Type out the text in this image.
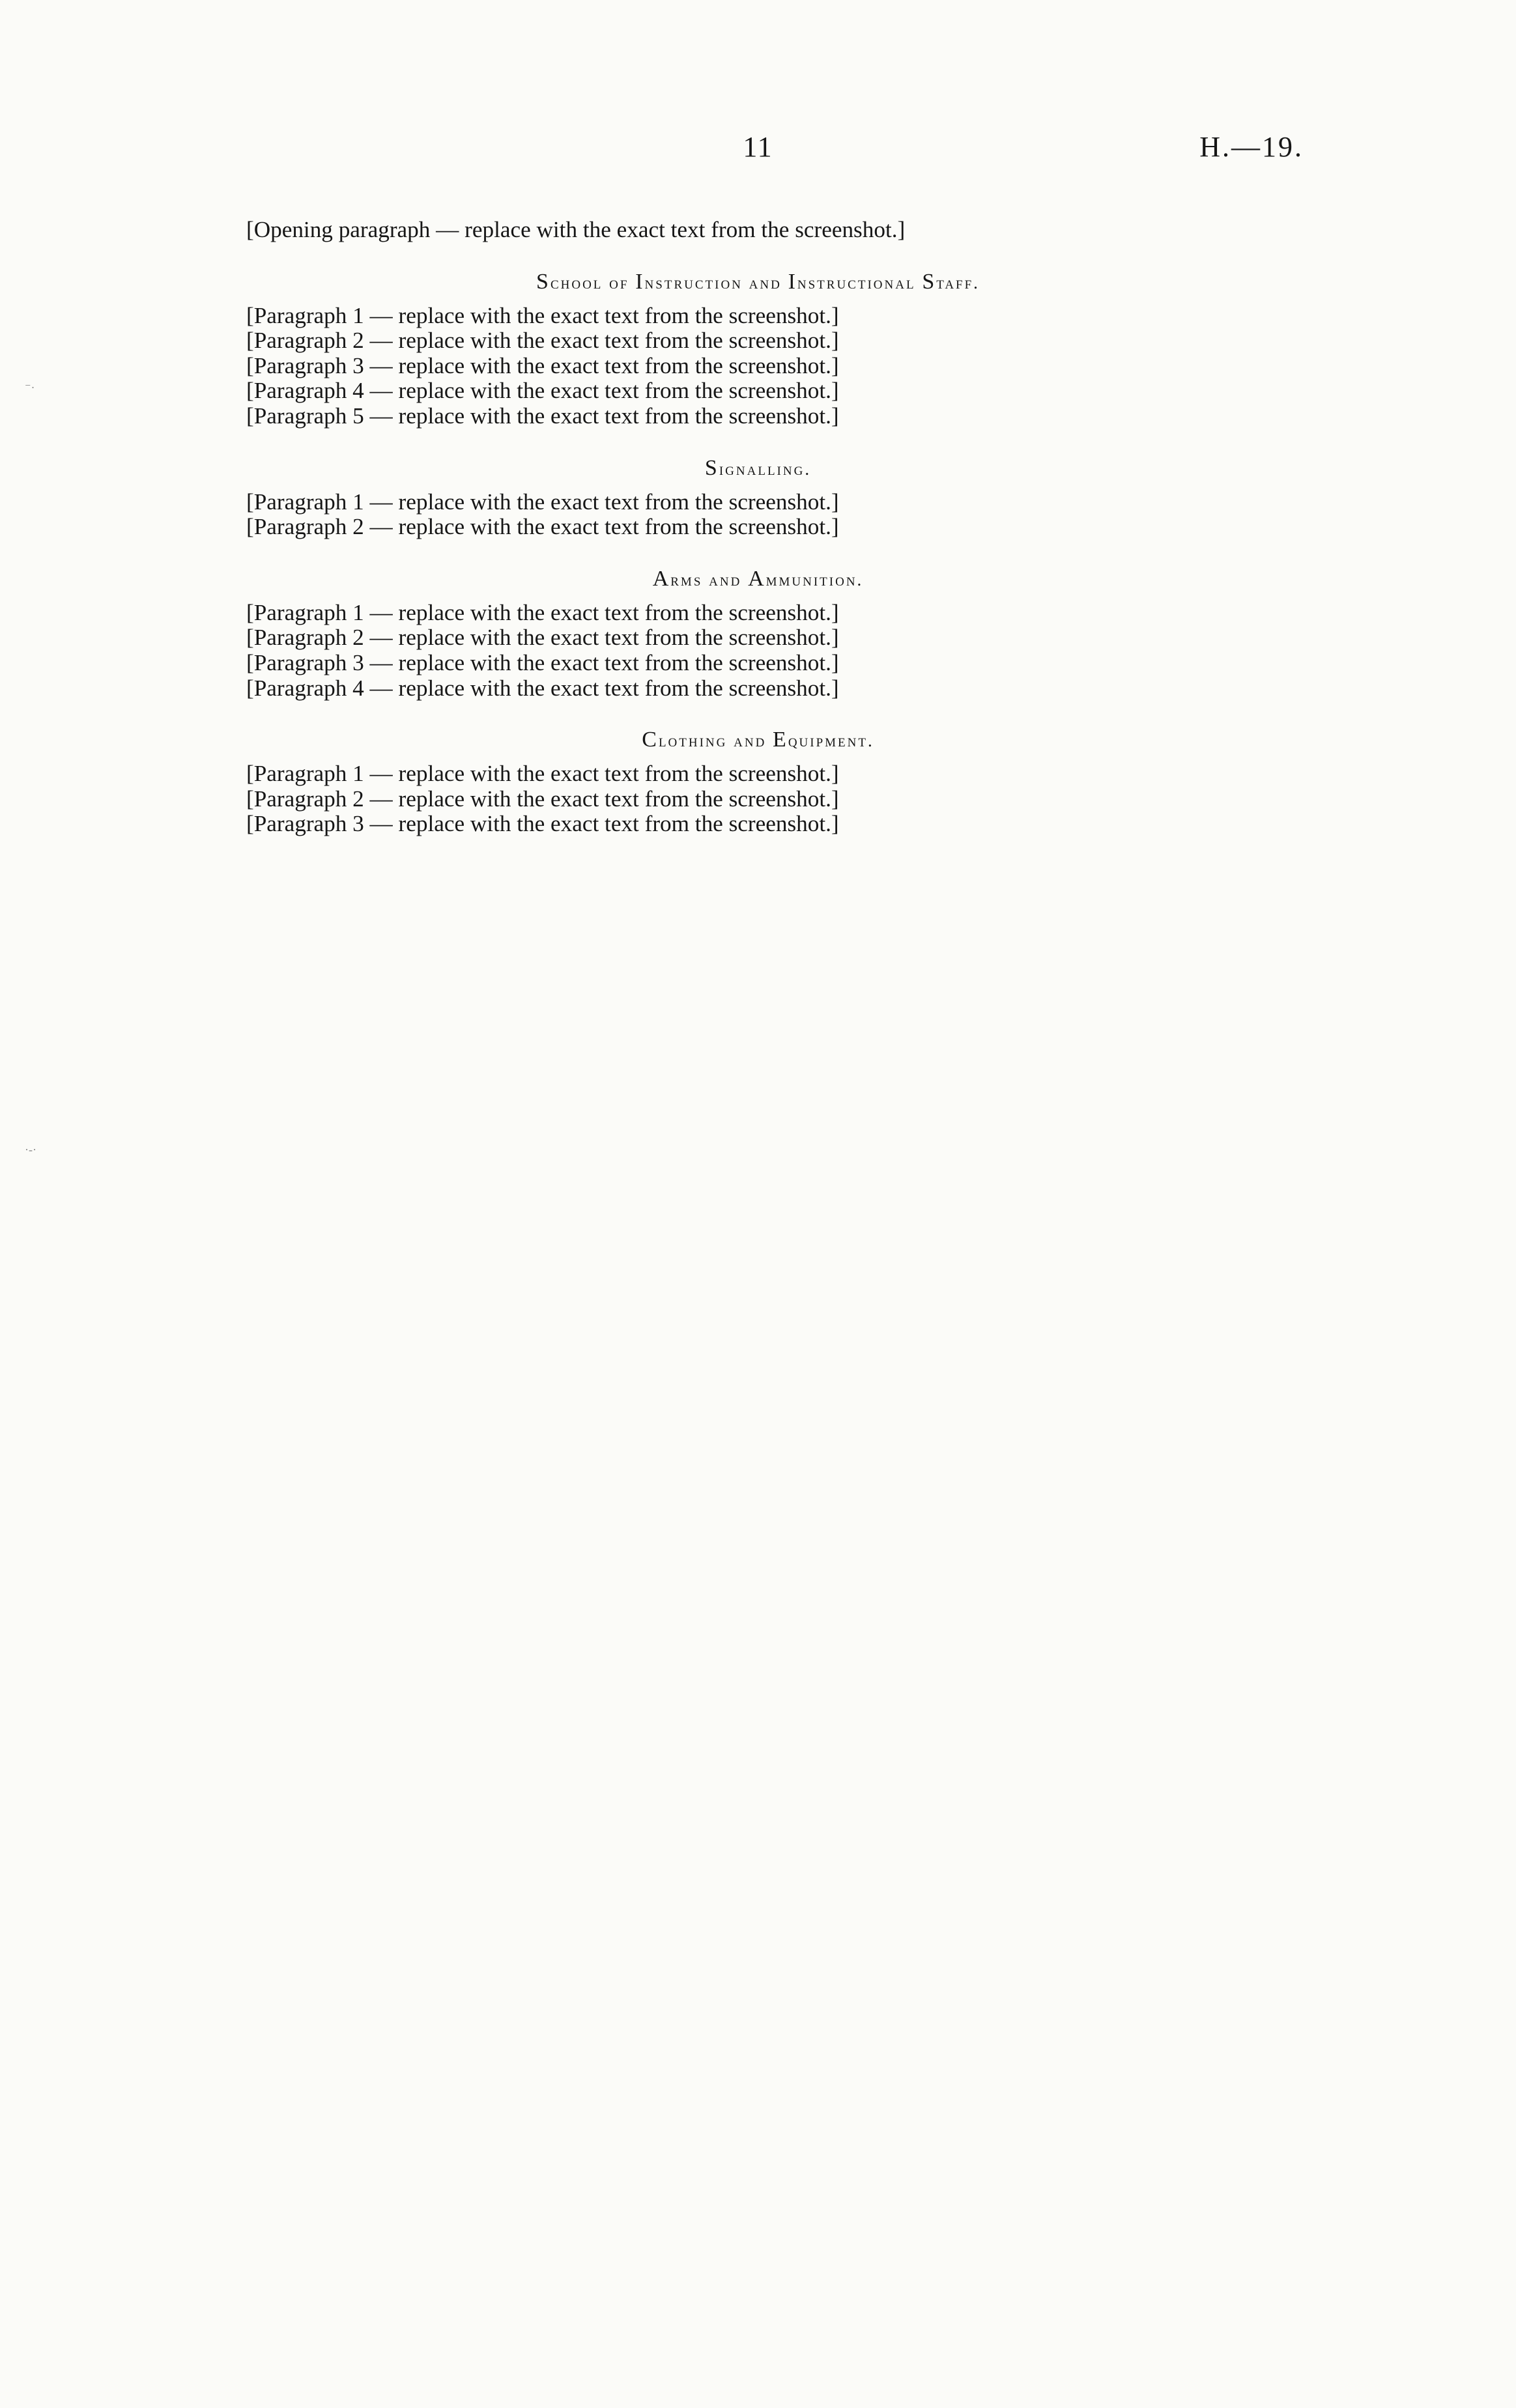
11	H.—19.

[Opening paragraph — replace with the exact text from the screenshot.]

School of Instruction and Instructional Staff.

[Paragraph 1 — replace with the exact text from the screenshot.]

[Paragraph 2 — replace with the exact text from the screenshot.]

[Paragraph 3 — replace with the exact text from the screenshot.]

[Paragraph 4 — replace with the exact text from the screenshot.]

[Paragraph 5 — replace with the exact text from the screenshot.]

Signalling.

[Paragraph 1 — replace with the exact text from the screenshot.]

[Paragraph 2 — replace with the exact text from the screenshot.]

Arms and Ammunition.

[Paragraph 1 — replace with the exact text from the screenshot.]

[Paragraph 2 — replace with the exact text from the screenshot.]

[Paragraph 3 — replace with the exact text from the screenshot.]

[Paragraph 4 — replace with the exact text from the screenshot.]

Clothing and Equipment.

[Paragraph 1 — replace with the exact text from the screenshot.]

[Paragraph 2 — replace with the exact text from the screenshot.]

[Paragraph 3 — replace with the exact text from the screenshot.]

⁻·
·-·
